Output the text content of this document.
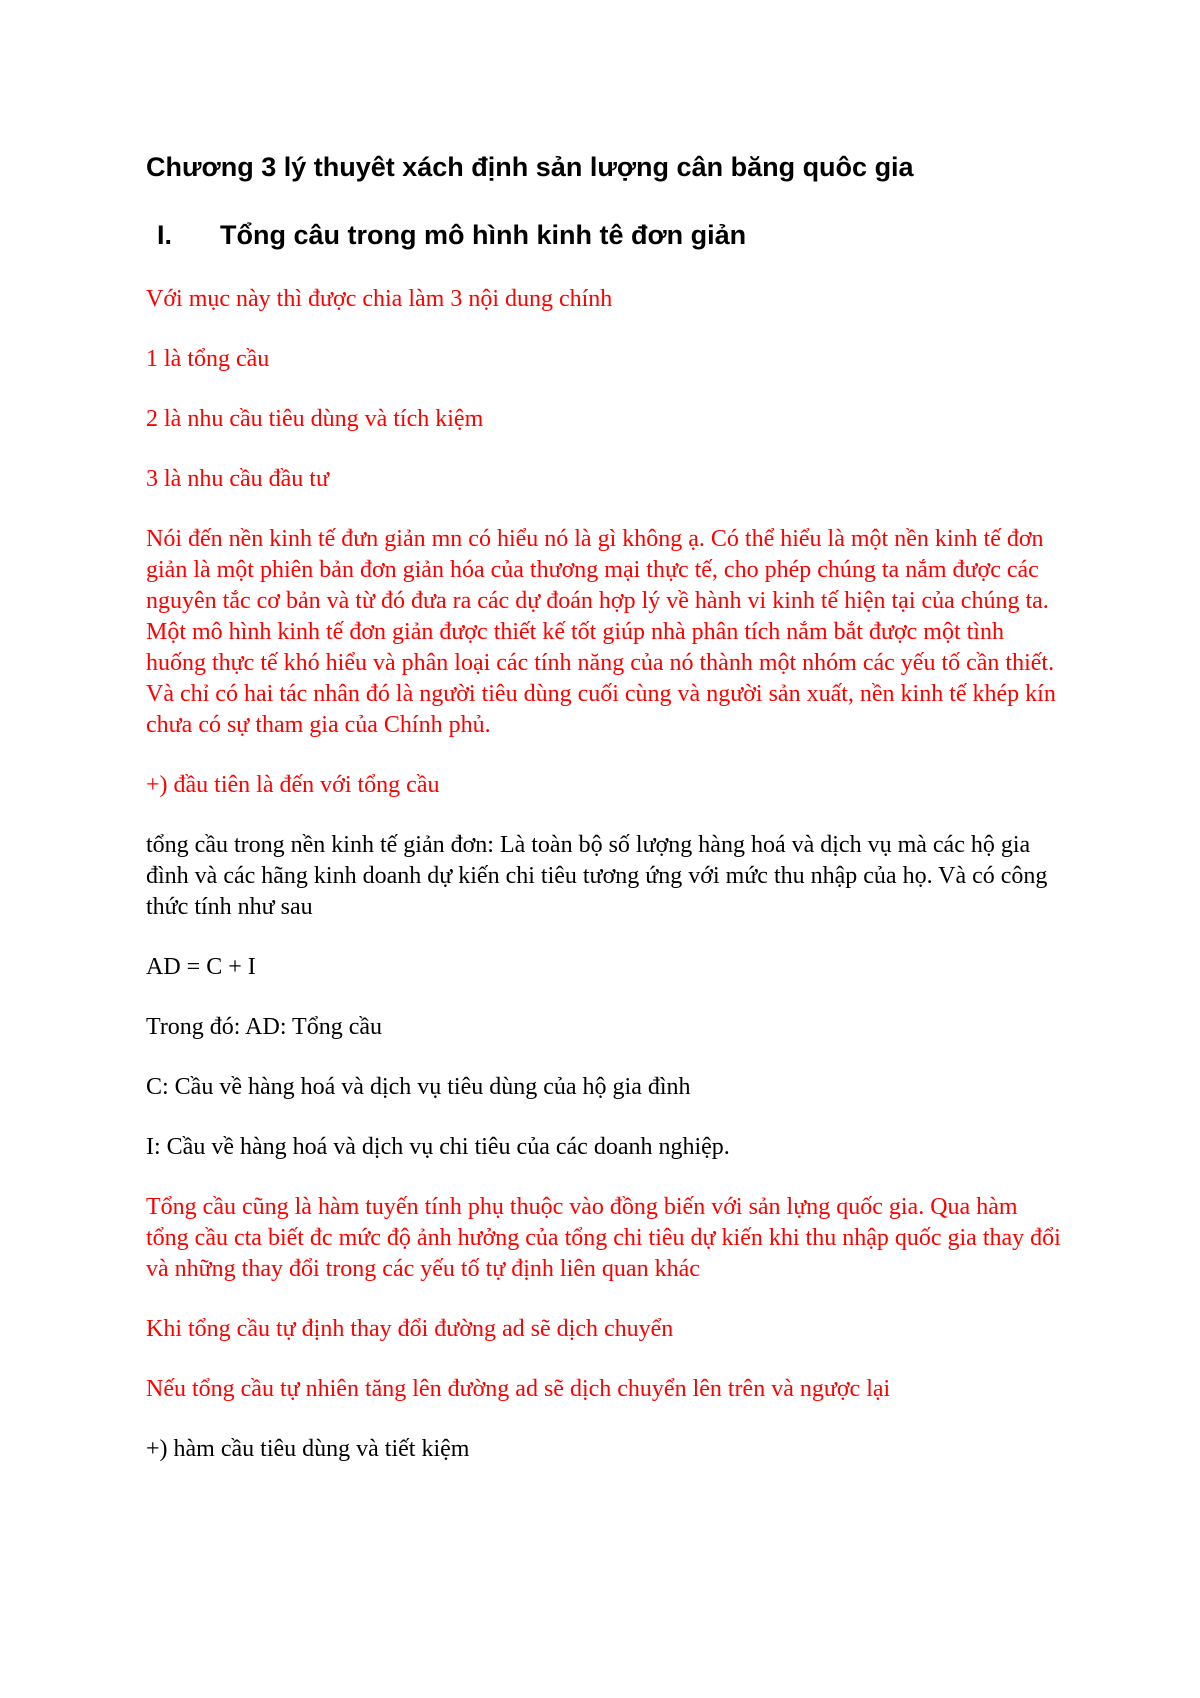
Chương 3 lý thuyêt xách định sản lượng cân băng quôc gia
I.	Tổng câu trong mô hình kinh tê đơn giản

Với mục này thì được chia làm 3 nội dung chính

1 là tổng cầu

2 là nhu cầu tiêu dùng và tích kiệm

3 là nhu cầu đầu tư

Nói đến nền kinh tế đưn giản mn có hiểu nó là gì không ạ. Có thể hiểu là một nền kinh tế đơn giản là một phiên bản đơn giản hóa của thương mại thực tế, cho phép chúng ta nắm được các nguyên tắc cơ bản và từ đó đưa ra các dự đoán hợp lý về hành vi kinh tế hiện tại của chúng ta. Một mô hình kinh tế đơn giản được thiết kế tốt giúp nhà phân tích nắm bắt được một tình huống thực tế khó hiểu và phân loại các tính năng của nó thành một nhóm các yếu tố cần thiết. Và chỉ có hai tác nhân đó là người tiêu dùng cuối cùng và người sản xuất, nền kinh tế khép kín chưa có sự tham gia của Chính phủ.

+) đầu tiên là đến với tổng cầu

tổng cầu trong nền kinh tế giản đơn: Là toàn bộ số lượng hàng hoá và dịch vụ mà các hộ gia đình và các hãng kinh doanh dự kiến chi tiêu tương ứng với mức thu nhập của họ. Và có công thức tính như sau

AD = C + I

Trong đó: AD: Tổng cầu

C: Cầu về hàng hoá và dịch vụ tiêu dùng của hộ gia đình

I: Cầu về hàng hoá và dịch vụ chi tiêu của các doanh nghiệp.

Tổng cầu cũng là hàm tuyến tính phụ thuộc vào đồng biến với sản lựng quốc gia. Qua hàm tổng cầu cta biết đc mức độ ảnh hưởng của tổng chi tiêu dự kiến khi thu nhập quốc gia thay đổi và những thay đổi trong các yếu tố tự định liên quan khác

Khi tổng cầu tự định thay đổi đường ad sẽ dịch chuyển

Nếu tổng cầu tự nhiên tăng lên đường ad sẽ dịch chuyển lên trên và ngược lại

+) hàm cầu tiêu dùng và tiết kiệm
